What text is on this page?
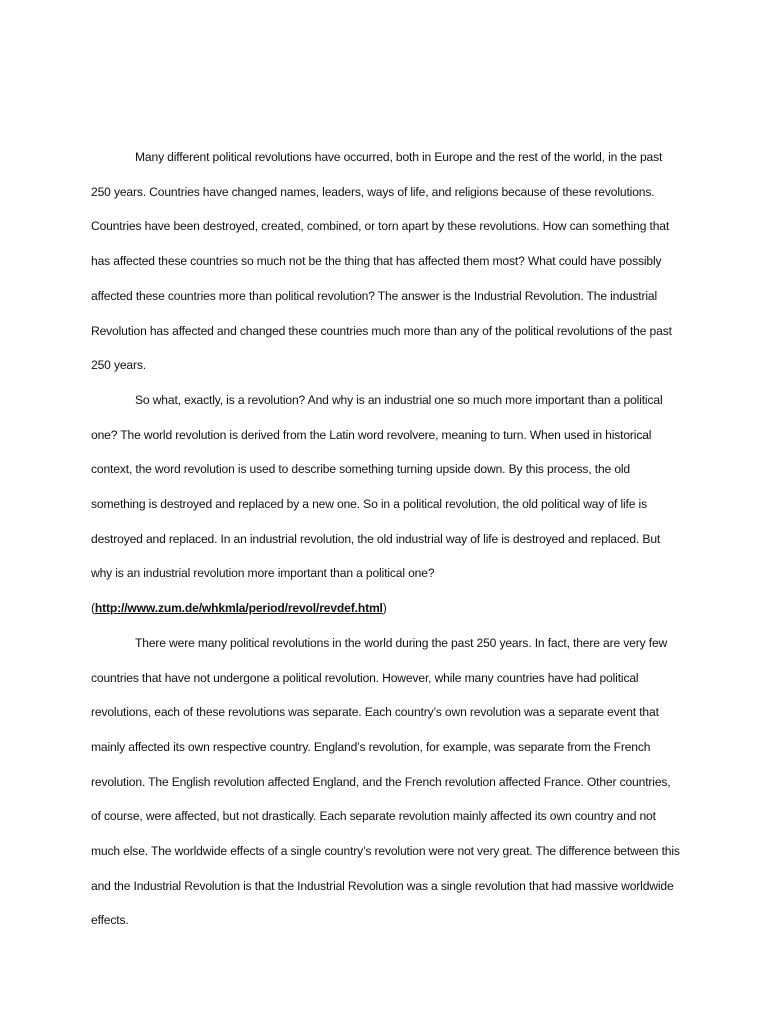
Many different political revolutions have occurred, both in Europe and the rest of the world, in the past 250 years. Countries have changed names, leaders, ways of life, and religions because of these revolutions. Countries have been destroyed, created, combined, or torn apart by these revolutions. How can something that has affected these countries so much not be the thing that has affected them most? What could have possibly affected these countries more than political revolution? The answer is the Industrial Revolution. The industrial Revolution has affected and changed these countries much more than any of the political revolutions of the past 250 years.

So what, exactly, is a revolution? And why is an industrial one so much more important than a political one? The world revolution is derived from the Latin word revolvere, meaning to turn. When used in historical context, the word revolution is used to describe something turning upside down. By this process, the old something is destroyed and replaced by a new one. So in a political revolution, the old political way of life is destroyed and replaced. In an industrial revolution, the old industrial way of life is destroyed and replaced. But why is an industrial revolution more important than a political one?
(http://www.zum.de/whkmla/period/revol/revdef.html)

There were many political revolutions in the world during the past 250 years. In fact, there are very few countries that have not undergone a political revolution. However, while many countries have had political revolutions, each of these revolutions was separate. Each country’s own revolution was a separate event that mainly affected its own respective country. England’s revolution, for example, was separate from the French revolution. The English revolution affected England, and the French revolution affected France. Other countries, of course, were affected, but not drastically. Each separate revolution mainly affected its own country and not much else. The worldwide effects of a single country’s revolution were not very great. The difference between this and the Industrial Revolution is that the Industrial Revolution was a single revolution that had massive worldwide effects.
